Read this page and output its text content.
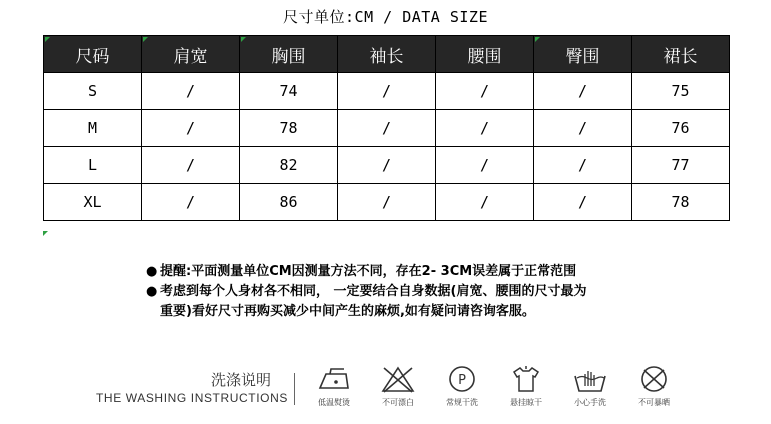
尺寸单位:CM / DATA SIZE
尺码	肩宽	胸围	袖长	腰围	臀围	裙长
S	/	74	/	/	/	75
M	/	78	/	/	/	76
L	/	82	/	/	/	77
XL	/	86	/	/	/	78
● 提醒:平面测量单位CM因测量方法不同，存在2- 3CM误差属于正常范围
● 考虑到每个人身材各不相同， 一定要结合自身数据(肩宽、腰围的尺寸最为
重要)看好尺寸再购买减少中间产生的麻烦,如有疑问请咨询客服。
洗涤说明
THE WASHING INSTRUCTIONS	低温熨烫	不可漂白
P
常规干洗	悬挂晾干	小心手洗	不可暴晒
